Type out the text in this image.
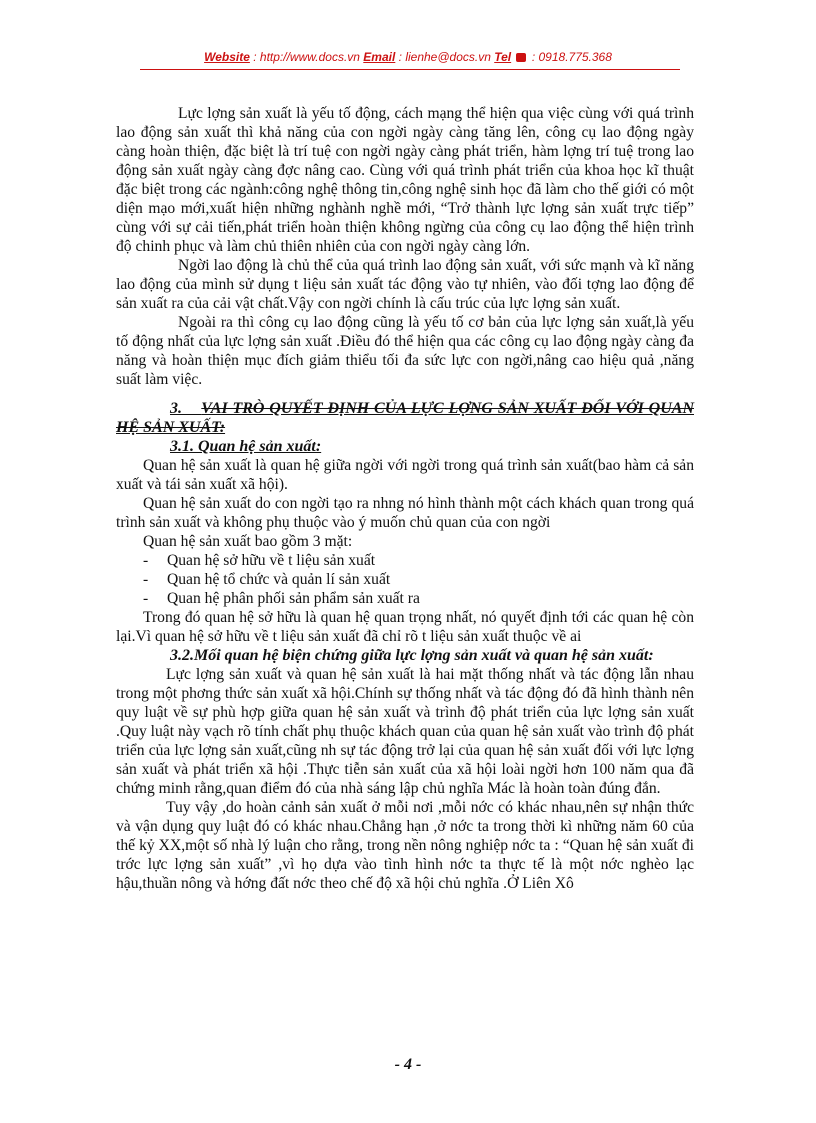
Website : http://www.docs.vn Email : lienhe@docs.vn Tel : 0918.775.368

Lực lợng sản xuất là yếu tố động, cách mạng thể hiện qua việc cùng với quá trình lao động sản xuất thì khả năng của con ngời ngày càng tăng lên, công cụ lao động ngày càng hoàn thiện, đặc biệt là trí tuệ con ngời ngày càng phát triển, hàm lợng trí tuệ trong lao động sản xuất ngày càng đợc nâng cao. Cùng với quá trình phát triển của khoa học kĩ thuật đặc biệt trong các ngành:công nghệ thông tin,công nghệ sinh học đã làm cho thế giới có một diện mạo mới,xuất hiện những nghành nghề mới, “Trở thành lực lợng sản xuất trực tiếp” cùng với sự cải tiến,phát triển hoàn thiện không ngừng của công cụ lao động thể hiện trình độ chinh phục và làm chủ thiên nhiên của con ngời ngày càng lớn.

Ngời lao động là chủ thể của quá trình lao động sản xuất, với sức mạnh và kĩ năng lao động của mình sử dụng t liệu sản xuất tác động vào tự nhiên, vào đối tợng lao động để sản xuất ra của cải vật chất.Vậy con ngời chính là cấu trúc của lực lợng sản xuất.

Ngoài ra thì công cụ lao động cũng là yếu tố cơ bản của lực lợng sản xuất,là yếu tố động nhất của lực lợng sản xuất .Điều đó thể hiện qua các công cụ lao động ngày càng đa năng và hoàn thiện mục đích giảm thiểu tối đa sức lực con ngời,nâng cao hiệu quả ,năng suất làm việc.

3. VAI TRÒ QUYẾT ĐỊNH CỦA LỰC LỢNG SẢN XUẤT ĐỐI VỚI QUAN HỆ SẢN XUẤT:

3.1. Quan hệ sản xuất:

Quan hệ sản xuất là quan hệ giữa ngời với ngời trong quá trình sản xuất(bao hàm cả sản xuất và tái sản xuất xã hội).

Quan hệ sản xuất do con ngời tạo ra nhng nó hình thành một cách khách quan trong quá trình sản xuất và không phụ thuộc vào ý muốn chủ quan của con ngời

Quan hệ sản xuất bao gồm 3 mặt:

- Quan hệ sở hữu về t liệu sản xuất

- Quan hệ tổ chức và quản lí sản xuất

- Quan hệ phân phối sản phẩm sản xuất ra

Trong đó quan hệ sở hữu là quan hệ quan trọng nhất, nó quyết định tới các quan hệ còn lại.Vì quan hệ sở hữu về t liệu sản xuất đã chỉ rõ t liệu sản xuất thuộc về ai

3.2.Mối quan hệ biện chứng giữa lực lợng sản xuất và quan hệ sản xuất:

Lực lợng sản xuất và quan hệ sản xuất là hai mặt thống nhất và tác động lẫn nhau trong một phơng thức sản xuất xã hội.Chính sự thống nhất và tác động đó đã hình thành nên quy luật về sự phù hợp giữa quan hệ sản xuất và trình độ phát triển của lực lợng sản xuất .Quy luật này vạch rõ tính chất phụ thuộc khách quan của quan hệ sản xuất vào trình độ phát triển của lực lợng sản xuất,cũng nh sự tác động trở lại của quan hệ sản xuất đối với lực lợng sản xuất và phát triển xã hội .Thực tiễn sản xuất của xã hội loài ngời hơn 100 năm qua đã chứng minh rằng,quan điểm đó của nhà sáng lập chủ nghĩa Mác là hoàn toàn đúng đắn.

Tuy vậy ,do hoàn cảnh sản xuất ở mỗi nơi ,mỗi nớc có khác nhau,nên sự nhận thức và vận dụng quy luật đó có khác nhau.Chẳng hạn ,ở nớc ta trong thời kì những năm 60 của thế kỷ XX,một số nhà lý luận cho rằng, trong nền nông nghiệp nớc ta : “Quan hệ sản xuất đi trớc lực lợng sản xuất” ,vì họ dựa vào tình hình nớc ta thực tế là một nớc nghèo lạc hậu,thuần nông và hớng đất nớc theo chế độ xã hội chủ nghĩa .Ở Liên Xô

- 4 -
